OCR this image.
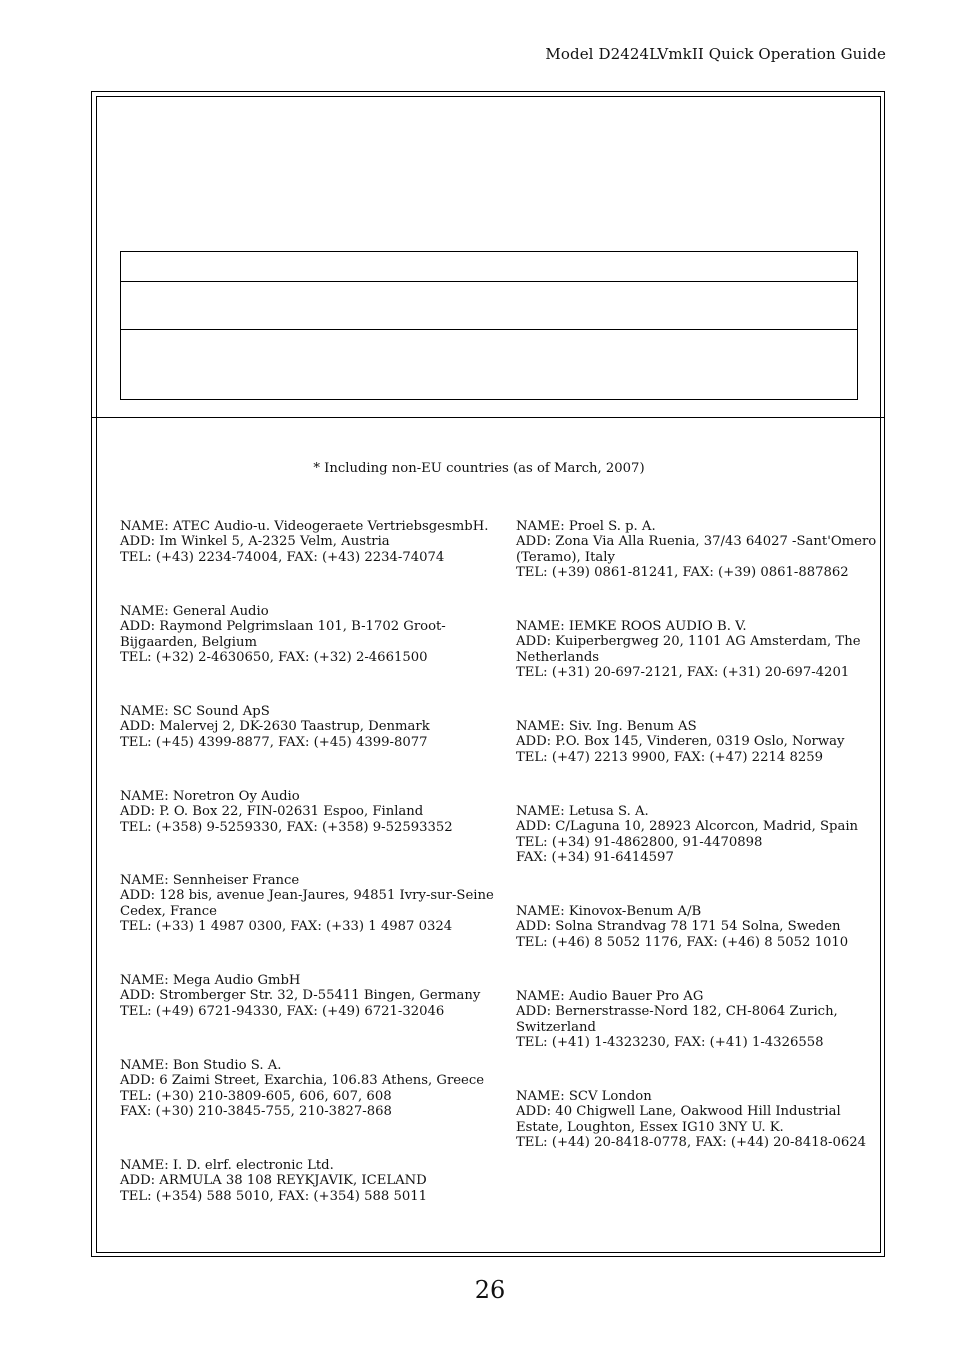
Model D2424LVmkII Quick Operation Guide
* Including non-EU countries (as of March, 2007)
NAME: ATEC Audio-u. Videogeraete VertriebsgesmbH.
ADD: Im Winkel 5, A-2325 Velm, Austria
TEL: (+43) 2234-74004, FAX: (+43) 2234-74074
NAME: General Audio
ADD: Raymond Pelgrimslaan 101, B-1702 Groot-
Bijgaarden, Belgium
TEL: (+32) 2-4630650, FAX: (+32) 2-4661500
NAME: SC Sound ApS
ADD: Malervej 2, DK-2630 Taastrup, Denmark
TEL: (+45) 4399-8877, FAX: (+45) 4399-8077
NAME: Noretron Oy Audio
ADD: P. O. Box 22, FIN-02631 Espoo, Finland
TEL: (+358) 9-5259330, FAX: (+358) 9-52593352
NAME: Sennheiser France
ADD: 128 bis, avenue Jean-Jaures, 94851 Ivry-sur-Seine
Cedex, France
TEL: (+33) 1 4987 0300, FAX: (+33) 1 4987 0324
NAME: Mega Audio GmbH
ADD: Stromberger Str. 32, D-55411 Bingen, Germany
TEL: (+49) 6721-94330, FAX: (+49) 6721-32046
NAME: Bon Studio S. A.
ADD: 6 Zaimi Street, Exarchia, 106.83 Athens, Greece
TEL: (+30) 210-3809-605, 606, 607, 608
FAX: (+30) 210-3845-755, 210-3827-868
NAME: I. D. elrf. electronic Ltd.
ADD: ARMULA 38 108 REYKJAVIK, ICELAND
TEL: (+354) 588 5010, FAX: (+354) 588 5011
NAME: Proel S. p. A.
ADD: Zona Via Alla Ruenia, 37/43 64027 -Sant'Omero
(Teramo), Italy
TEL: (+39) 0861-81241, FAX: (+39) 0861-887862
NAME: IEMKE ROOS AUDIO B. V.
ADD: Kuiperbergweg 20, 1101 AG Amsterdam, The
Netherlands
TEL: (+31) 20-697-2121, FAX: (+31) 20-697-4201
NAME: Siv. Ing. Benum AS
ADD: P.O. Box 145, Vinderen, 0319 Oslo, Norway
TEL: (+47) 2213 9900, FAX: (+47) 2214 8259
NAME: Letusa S. A.
ADD: C/Laguna 10, 28923 Alcorcon, Madrid, Spain
TEL: (+34) 91-4862800, 91-4470898
FAX: (+34) 91-6414597
NAME: Kinovox-Benum A/B
ADD: Solna Strandvag 78 171 54 Solna, Sweden
TEL: (+46) 8 5052 1176, FAX: (+46) 8 5052 1010
NAME: Audio Bauer Pro AG
ADD: Bernerstrasse-Nord 182, CH-8064 Zurich,
Switzerland
TEL: (+41) 1-4323230, FAX: (+41) 1-4326558
NAME: SCV London
ADD: 40 Chigwell Lane, Oakwood Hill Industrial
Estate, Loughton, Essex IG10 3NY U. K.
TEL: (+44) 20-8418-0778, FAX: (+44) 20-8418-0624
26
